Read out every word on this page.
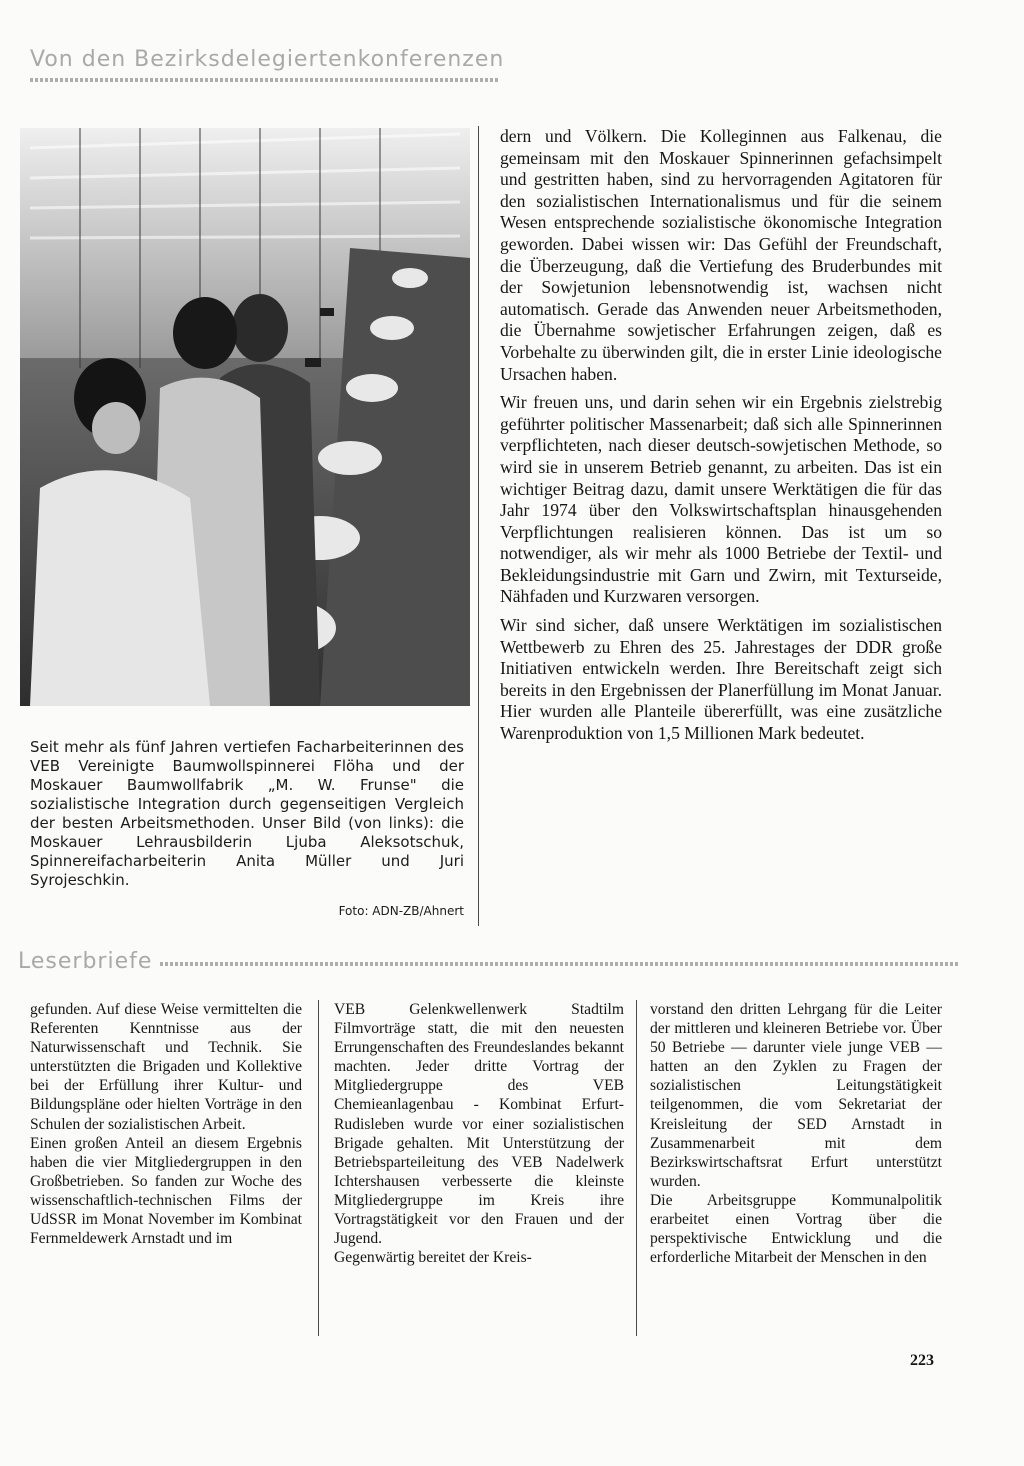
Von den Bezirksdelegiertenkonferenzen
Seit mehr als fünf Jahren vertiefen Facharbeiterinnen des VEB Vereinigte Baumwollspinnerei Flöha und der Moskauer Baumwollfabrik „M. W. Frunse" die sozialistische Integration durch gegenseitigen Vergleich der besten Arbeitsmethoden. Unser Bild (von links): die Moskauer Lehrausbilderin Ljuba Aleksotschuk, Spinnereifacharbeiterin Anita Müller und Juri Syrojeschkin.
Foto: ADN-ZB/Ahnert

dern und Völkern. Die Kolleginnen aus Falkenau, die gemeinsam mit den Moskauer Spinnerinnen gefachsimpelt und gestritten haben, sind zu hervorragenden Agitatoren für den sozialistischen Internationalismus und für die seinem Wesen entsprechende sozialistische ökonomische Integration geworden. Dabei wissen wir: Das Gefühl der Freundschaft, die Überzeugung, daß die Vertiefung des Bruderbundes mit der Sowjetunion lebensnotwendig ist, wachsen nicht automatisch. Gerade das Anwenden neuer Arbeitsmethoden, die Übernahme sowjetischer Erfahrungen zeigen, daß es Vorbehalte zu überwinden gilt, die in erster Linie ideologische Ursachen haben.

Wir freuen uns, und darin sehen wir ein Ergebnis zielstrebig geführter politischer Massenarbeit; daß sich alle Spinnerinnen verpflichteten, nach dieser deutsch-sowjetischen Methode, so wird sie in unserem Betrieb genannt, zu arbeiten. Das ist ein wichtiger Beitrag dazu, damit unsere Werktätigen die für das Jahr 1974 über den Volkswirtschaftsplan hinausgehenden Verpflichtungen realisieren können. Das ist um so notwendiger, als wir mehr als 1000 Betriebe der Textil- und Bekleidungsindustrie mit Garn und Zwirn, mit Texturseide, Nähfaden und Kurzwaren versorgen.

Wir sind sicher, daß unsere Werktätigen im sozialistischen Wettbewerb zu Ehren des 25. Jahrestages der DDR große Initiativen entwickeln werden. Ihre Bereitschaft zeigt sich bereits in den Ergebnissen der Planerfüllung im Monat Januar. Hier wurden alle Planteile übererfüllt, was eine zusätzliche Warenproduktion von 1,5 Millionen Mark bedeutet.

Leserbriefe

gefunden. Auf diese Weise vermittelten die Referenten Kenntnisse aus der Naturwissenschaft und Technik. Sie unterstützten die Brigaden und Kollektive bei der Erfüllung ihrer Kultur- und Bildungspläne oder hielten Vorträge in den Schulen der sozialistischen Arbeit.

Einen großen Anteil an diesem Ergebnis haben die vier Mitgliedergruppen in den Großbetrieben. So fanden zur Woche des wissenschaftlich-technischen Films der UdSSR im Monat November im Kombinat Fernmeldewerk Arnstadt und im

VEB Gelenkwellenwerk Stadtilm Filmvorträge statt, die mit den neuesten Errungenschaften des Freundeslandes bekannt machten. Jeder dritte Vortrag der Mitgliedergruppe des VEB Chemieanlagenbau - Kombinat Erfurt-Rudisleben wurde vor einer sozialistischen Brigade gehalten. Mit Unterstützung der Betriebsparteileitung des VEB Nadelwerk Ichtershausen verbesserte die kleinste Mitgliedergruppe im Kreis ihre Vortragstätigkeit vor den Frauen und der Jugend.

Gegenwärtig bereitet der Kreis-

vorstand den dritten Lehrgang für die Leiter der mittleren und kleineren Betriebe vor. Über 50 Betriebe — darunter viele junge VEB — hatten an den Zyklen zu Fragen der sozialistischen Leitungstätigkeit teilgenommen, die vom Sekretariat der Kreisleitung der SED Arnstadt in Zusammenarbeit mit dem Bezirkswirtschaftsrat Erfurt unterstützt wurden.

Die Arbeitsgruppe Kommunalpolitik erarbeitet einen Vortrag über die perspektivische Entwicklung und die erforderliche Mitarbeit der Menschen in den

223
